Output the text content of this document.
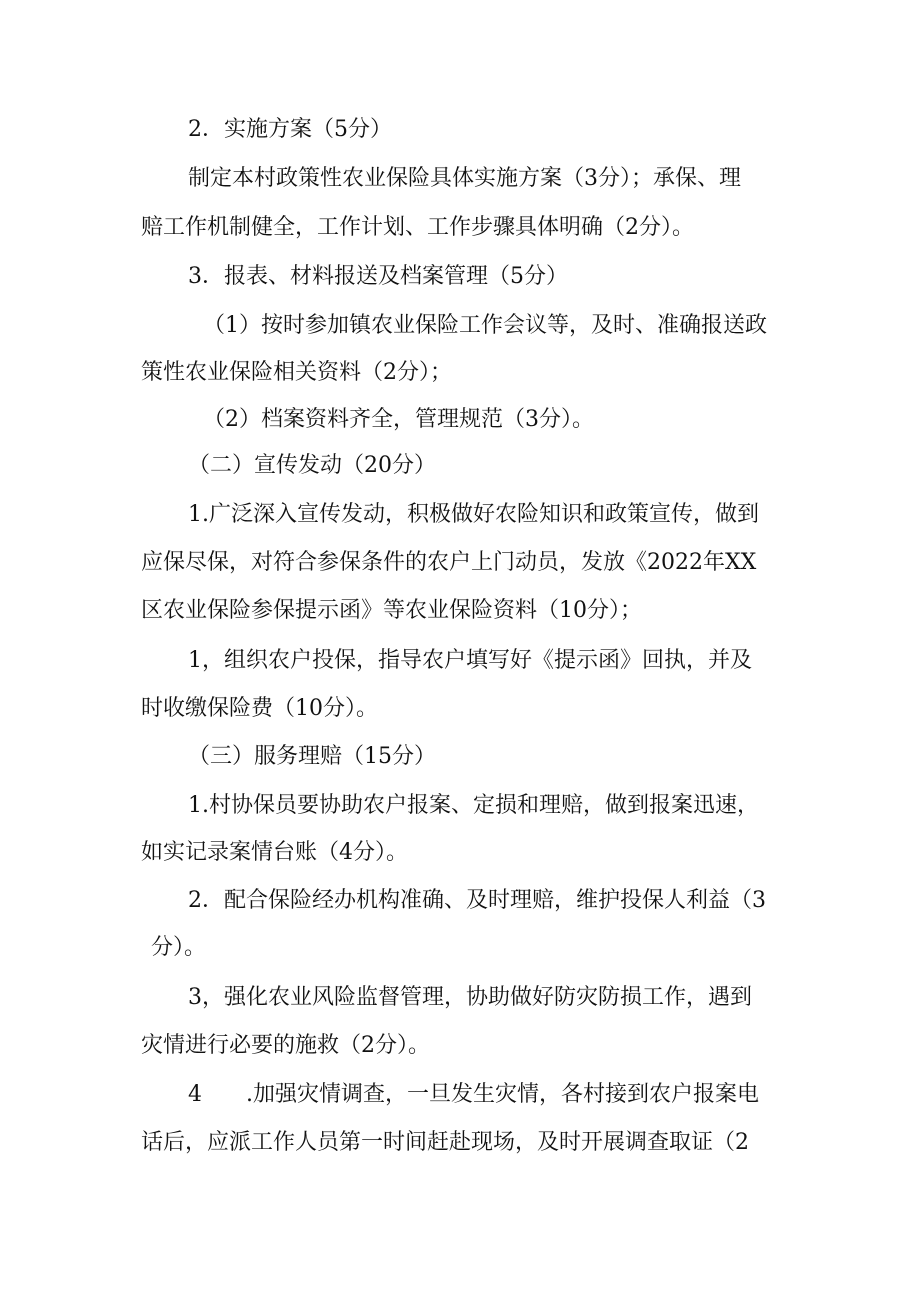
2．实施方案（5分）
制定本村政策性农业保险具体实施方案（3分）；承保、理
赔工作机制健全，工作计划、工作步骤具体明确（2分）。
3．报表、材料报送及档案管理（5分）
（1）按时参加镇农业保险工作会议等，及时、准确报送政
策性农业保险相关资料（2分）；
（2）档案资料齐全，管理规范（3分）。
（二）宣传发动（20分）
1.广泛深入宣传发动，积极做好农险知识和政策宣传，做到
应保尽保，对符合参保条件的农户上门动员，发放《2022年XX
区农业保险参保提示函》等农业保险资料（10分）；
1，组织农户投保，指导农户填写好《提示函》回执，并及
时收缴保险费（10分）。
（三）服务理赔（15分）
1.村协保员要协助农户报案、定损和理赔，做到报案迅速，
如实记录案情台账（4分）。
2．配合保险经办机构准确、及时理赔，维护投保人利益（3
分）。
3，强化农业风险监督管理，协助做好防灾防损工作，遇到
灾情进行必要的施救（2分）。
4　　.加强灾情调查，一旦发生灾情，各村接到农户报案电
话后，应派工作人员第一时间赶赴现场，及时开展调查取证（2
